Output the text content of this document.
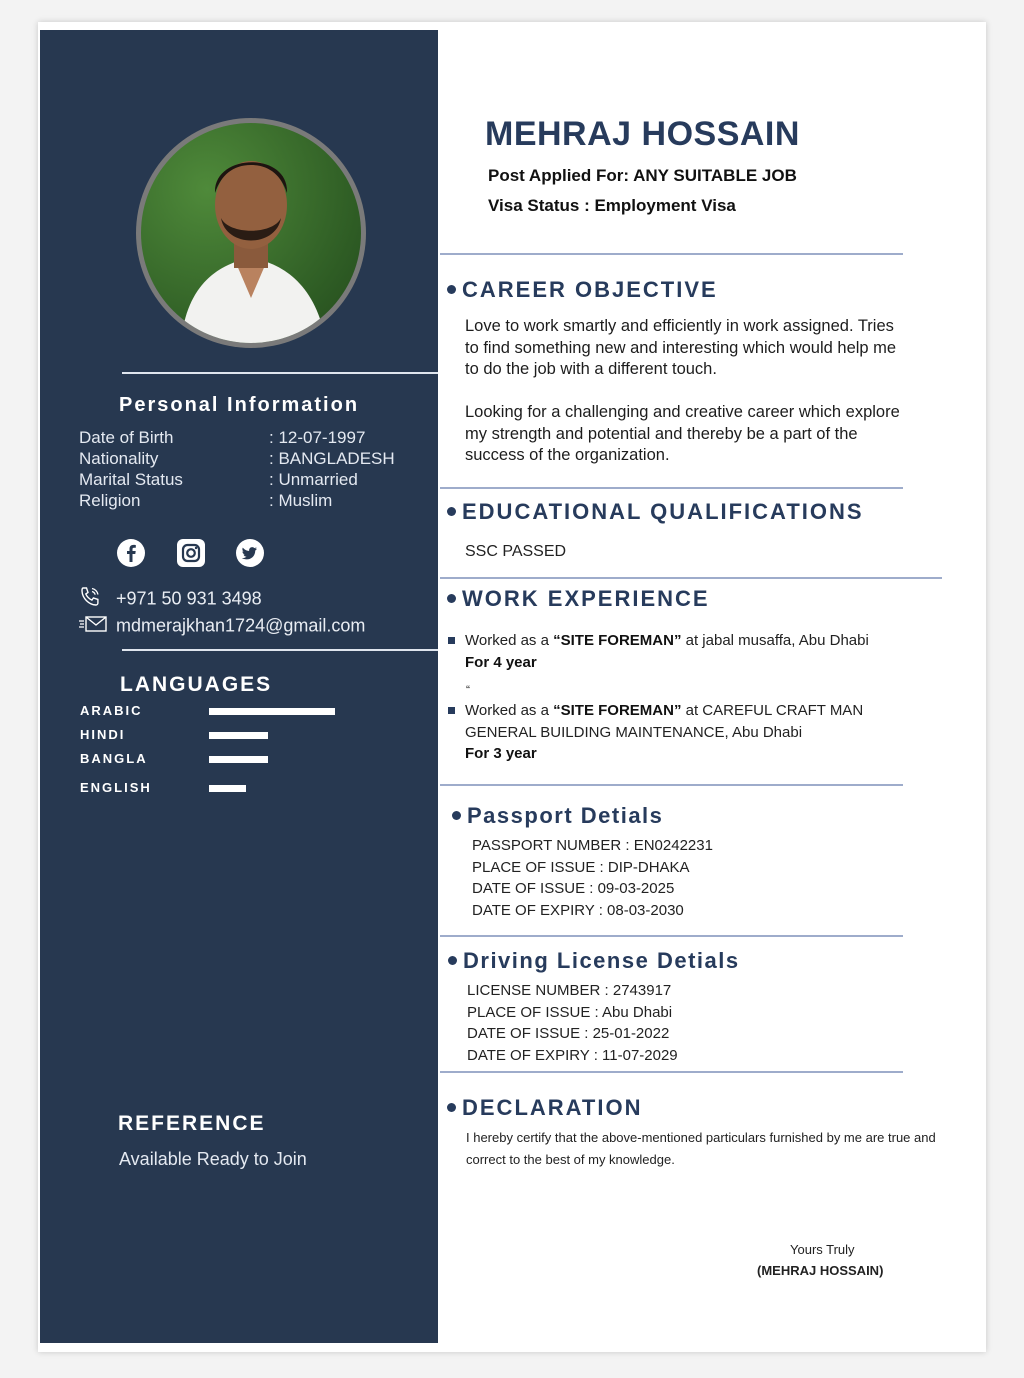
Personal Information
Date of Birth	: 12-07-1997
Nationality	: BANGLADESH
Marital Status	: Unmarried
Religion	: Muslim
+971 50 931 3498
mdmerajkhan1724@gmail.com
LANGUAGES
ARABIC
HINDI
BANGLA
ENGLISH
REFERENCE
Available Ready to Join
MEHRAJ HOSSAIN
Post Applied For: ANY SUITABLE JOB
Visa Status : Employment Visa
CAREER OBJECTIVE
Love to work smartly and efficiently in work assigned. Tries to find something new and interesting which would help me to do the job with a different touch.
Looking for a challenging and creative career which explore my strength and potential and thereby be a part of the success of the organization.
EDUCATIONAL QUALIFICATIONS
SSC PASSED
WORK EXPERIENCE
Worked as a “SITE FOREMAN” at jabal musaffa, Abu Dhabi
For 4 year
“
Worked as a “SITE FOREMAN” at CAREFUL CRAFT MAN GENERAL BUILDING MAINTENANCE, Abu Dhabi
For 3 year
Passport Detials
PASSPORT NUMBER : EN0242231
PLACE OF ISSUE : DIP-DHAKA
DATE OF ISSUE : 09-03-2025
DATE OF EXPIRY : 08-03-2030
Driving License Detials
LICENSE NUMBER : 2743917
PLACE OF ISSUE : Abu Dhabi
DATE OF ISSUE : 25-01-2022
DATE OF EXPIRY : 11-07-2029
DECLARATION
I hereby certify that the above-mentioned particulars furnished by me are true and correct to the best of my knowledge.
Yours Truly
(MEHRAJ HOSSAIN)
